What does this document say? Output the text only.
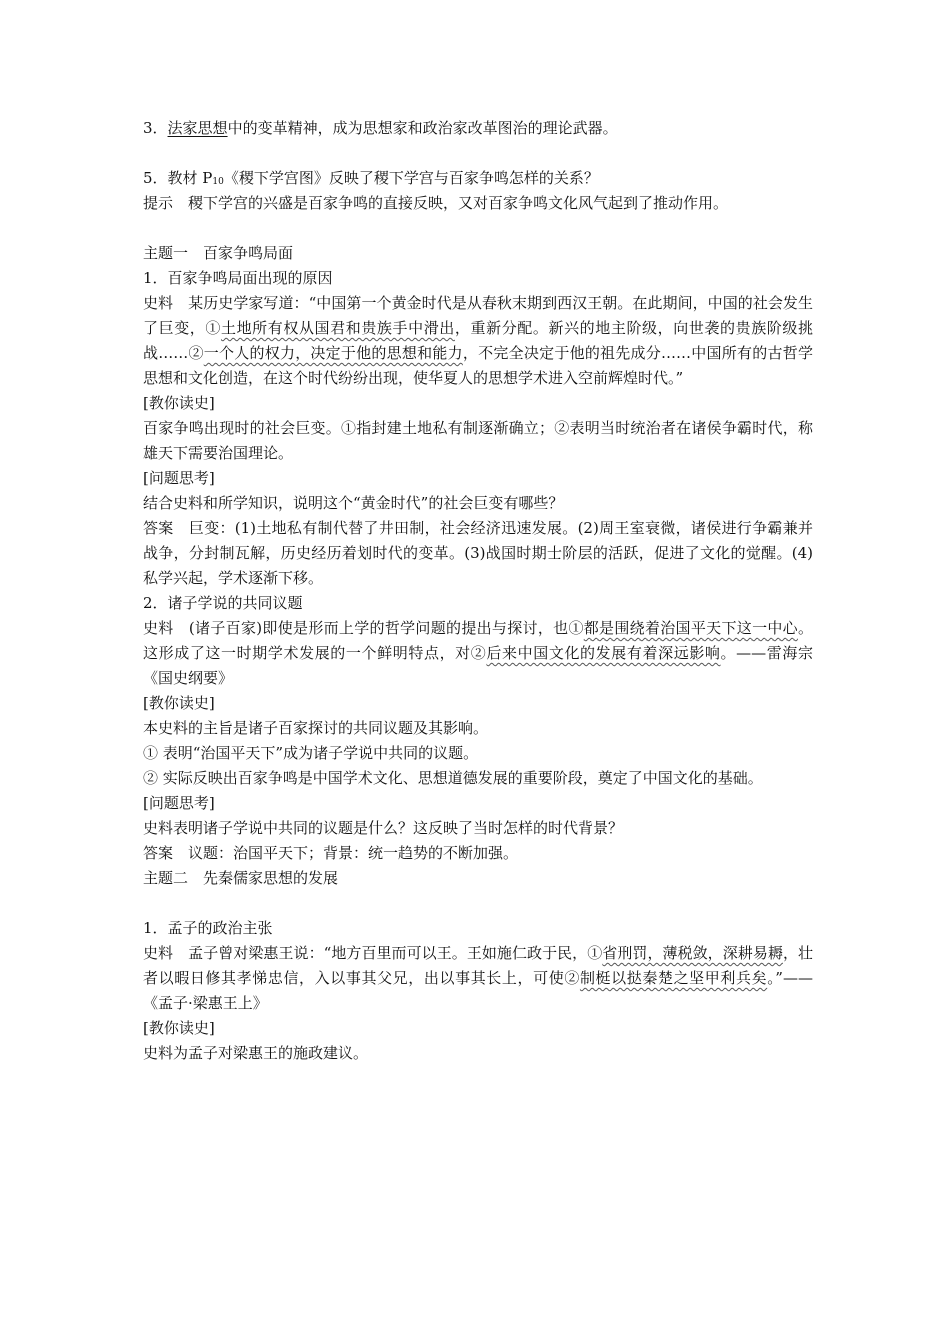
3．法家思想中的变革精神，成为思想家和政治家改革图治的理论武器。

5．教材 $P_{10}$《稷下学宫图》反映了稷下学宫与百家争鸣怎样的关系？

提示　稷下学宫的兴盛是百家争鸣的直接反映，又对百家争鸣文化风气起到了推动作用。

主题一　百家争鸣局面

1．百家争鸣局面出现的原因

史料　某历史学家写道：“中国第一个黄金时代是从春秋末期到西汉王朝。在此期间，中国的社会发生了巨变，①土地所有权从国君和贵族手中滑出，重新分配。新兴的地主阶级，向世袭的贵族阶级挑战……②一个人的权力，决定于他的思想和能力，不完全决定于他的祖先成分……中国所有的古哲学思想和文化创造，在这个时代纷纷出现，使华夏人的思想学术进入空前辉煌时代。”

[教你读史]

百家争鸣出现时的社会巨变。①指封建土地私有制逐渐确立；②表明当时统治者在诸侯争霸时代，称雄天下需要治国理论。

[问题思考]

结合史料和所学知识，说明这个“黄金时代”的社会巨变有哪些？

答案　巨变：(1)土地私有制代替了井田制，社会经济迅速发展。(2)周王室衰微，诸侯进行争霸兼并战争，分封制瓦解，历史经历着划时代的变革。(3)战国时期士阶层的活跃，促进了文化的觉醒。(4)私学兴起，学术逐渐下移。

2．诸子学说的共同议题

史料　(诸子百家)即使是形而上学的哲学问题的提出与探讨，也①都是围绕着治国平天下这一中心。这形成了这一时期学术发展的一个鲜明特点，对②后来中国文化的发展有着深远影响。——雷海宗《国史纲要》

[教你读史]

本史料的主旨是诸子百家探讨的共同议题及其影响。

① 表明“治国平天下”成为诸子学说中共同的议题。

② 实际反映出百家争鸣是中国学术文化、思想道德发展的重要阶段，奠定了中国文化的基础。

[问题思考]

史料表明诸子学说中共同的议题是什么？这反映了当时怎样的时代背景？

答案　议题：治国平天下；背景：统一趋势的不断加强。

主题二　先秦儒家思想的发展

1．孟子的政治主张

史料　孟子曾对梁惠王说：“地方百里而可以王。王如施仁政于民，①省刑罚，薄税敛，深耕易耨，壮者以暇日修其孝悌忠信，入以事其父兄，出以事其长上，可使②制梃以挞秦楚之坚甲利兵矣。”——《孟子·梁惠王上》

[教你读史]

史料为孟子对梁惠王的施政建议。
